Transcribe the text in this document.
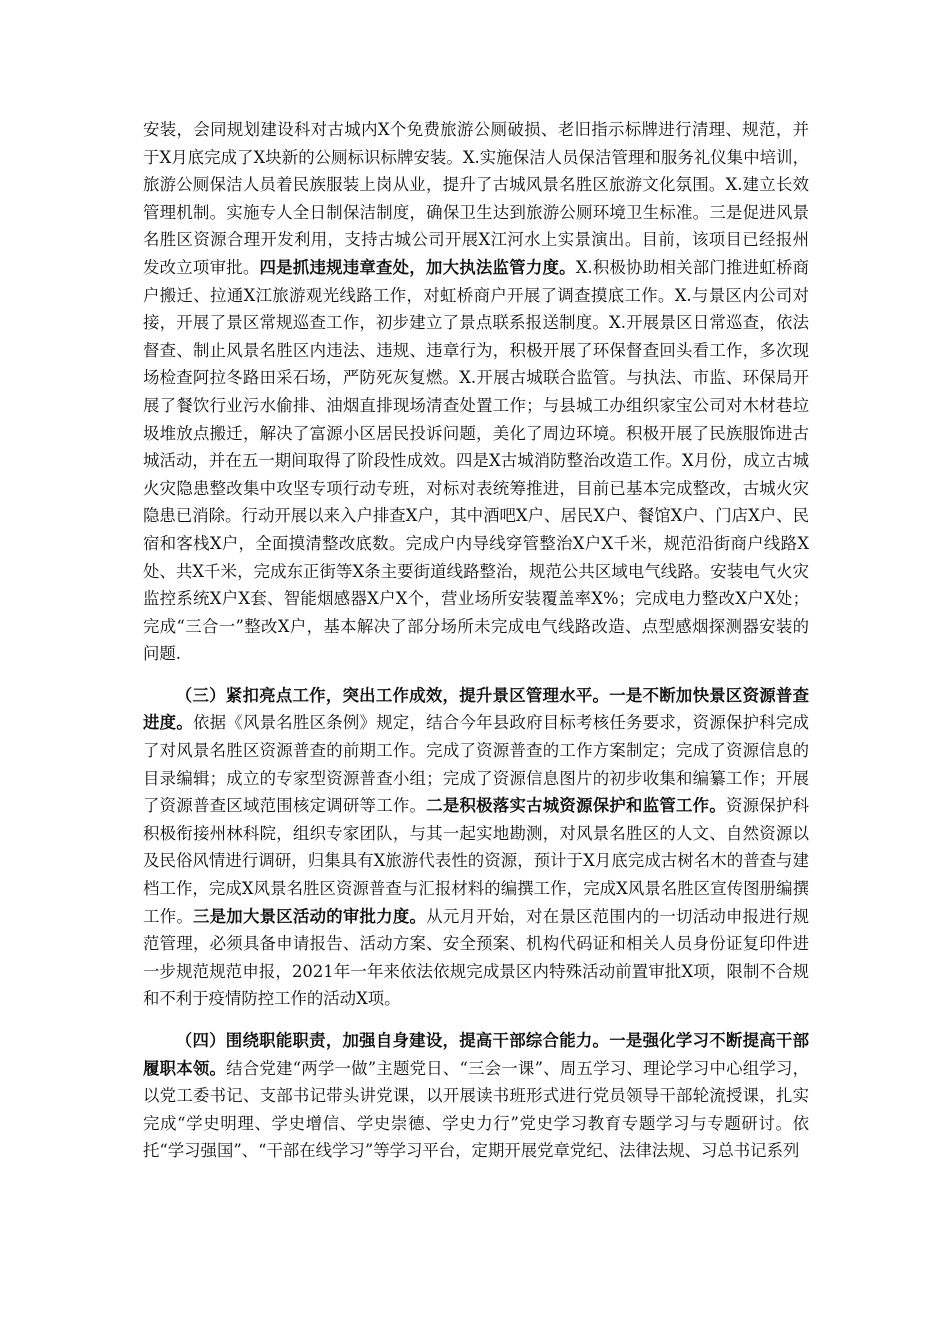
安装，会同规划建设科对古城内X个免费旅游公厕破损、老旧指示标牌进行清理、规范，并于X月底完成了X块新的公厕标识标牌安装。X.实施保洁人员保洁管理和服务礼仪集中培训，旅游公厕保洁人员着民族服装上岗从业，提升了古城风景名胜区旅游文化氛围。X.建立长效管理机制。实施专人全日制保洁制度，确保卫生达到旅游公厕环境卫生标准。三是促进风景名胜区资源合理开发利用，支持古城公司开展X江河水上实景演出。目前，该项目已经报州发改立项审批。四是抓违规违章查处，加大执法监管力度。X.积极协助相关部门推进虹桥商户搬迁、拉通X江旅游观光线路工作，对虹桥商户开展了调查摸底工作。X.与景区内公司对接，开展了景区常规巡查工作，初步建立了景点联系报送制度。X.开展景区日常巡查，依法督查、制止风景名胜区内违法、违规、违章行为，积极开展了环保督查回头看工作，多次现场检查阿拉冬路田采石场，严防死灰复燃。X.开展古城联合监管。与执法、市监、环保局开展了餐饮行业污水偷排、油烟直排现场清查处置工作；与县城工办组织家宝公司对木材巷垃圾堆放点搬迁，解决了富源小区居民投诉问题，美化了周边环境。积极开展了民族服饰进古城活动，并在五一期间取得了阶段性成效。四是X古城消防整治改造工作。X月份，成立古城火灾隐患整改集中攻坚专项行动专班，对标对表统筹推进，目前已基本完成整改，古城火灾隐患已消除。行动开展以来入户排查X户，其中酒吧X户、居民X户、餐馆X户、门店X户、民宿和客栈X户，全面摸清整改底数。完成户内导线穿管整治X户X千米，规范沿街商户线路X处、共X千米，完成东正街等X条主要街道线路整治，规范公共区域电气线路。安装电气火灾监控系统X户X套、智能烟感器X户X个，营业场所安装覆盖率X%；完成电力整改X户X处；完成“三合一”整改X户，基本解决了部分场所未完成电气线路改造、点型感烟探测器安装的问题.

（三）紧扣亮点工作，突出工作成效，提升景区管理水平。一是不断加快景区资源普查进度。依据《风景名胜区条例》规定，结合今年县政府目标考核任务要求，资源保护科完成了对风景名胜区资源普查的前期工作。完成了资源普查的工作方案制定；完成了资源信息的目录编辑；成立的专家型资源普查小组；完成了资源信息图片的初步收集和编纂工作；开展了资源普查区域范围核定调研等工作。二是积极落实古城资源保护和监管工作。资源保护科积极衔接州林科院，组织专家团队，与其一起实地勘测，对风景名胜区的人文、自然资源以及民俗风情进行调研，归集具有X旅游代表性的资源，预计于X月底完成古树名木的普查与建档工作，完成X风景名胜区资源普查与汇报材料的编撰工作，完成X风景名胜区宣传图册编撰工作。三是加大景区活动的审批力度。从元月开始，对在景区范围内的一切活动申报进行规范管理，必须具备申请报告、活动方案、安全预案、机构代码证和相关人员身份证复印件进一步规范规范申报，2021年一年来依法依规完成景区内特殊活动前置审批X项，限制不合规和不利于疫情防控工作的活动X项。

（四）围绕职能职责，加强自身建设，提高干部综合能力。一是强化学习不断提高干部履职本领。结合党建“两学一做”主题党日、“三会一课”、周五学习、理论学习中心组学习，以党工委书记、支部书记带头讲党课，以开展读书班形式进行党员领导干部轮流授课，扎实完成“学史明理、学史增信、学史崇德、学史力行”党史学习教育专题学习与专题研讨。依托“学习强国”、“干部在线学习”等学习平台，定期开展党章党纪、法律法规、习总书记系列
